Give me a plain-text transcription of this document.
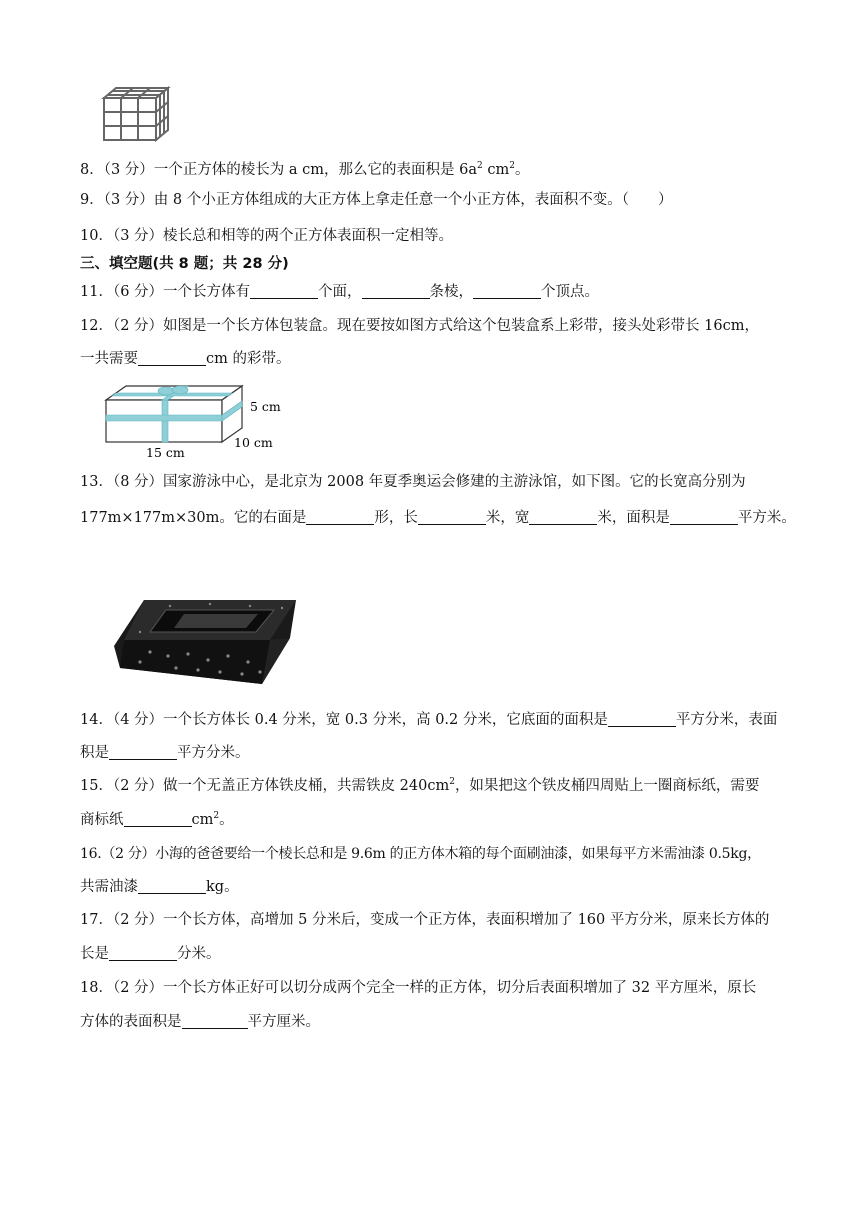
8．（3 分）一个正方体的棱长为 a cm，那么它的表面积是 $6a^2$ $cm^2$。
9．（3 分）由 8 个小正方体组成的大正方体上拿走任意一个小正方体，表面积不变。（　　）
10．（3 分）棱长总和相等的两个正方体表面积一定相等。
三、填空题(共 8 题；共 28 分)
11．（6 分）一个长方体有	个面，	条棱，	个顶点。
12．（2 分）如图是一个长方体包装盒。现在要按如图方式给这个包装盒系上彩带，接头处彩带长 16cm，
一共需要	cm 的彩带。
5 cm
10 cm
15 cm
13．（8 分）国家游泳中心，是北京为 2008 年夏季奥运会修建的主游泳馆，如下图。它的长宽高分别为
177m×177m×30m。它的右面是	形，长	米，宽	米，面积是	平方米。
14．（4 分）一个长方体长 0.4 分米，宽 0.3 分米，高 0.2 分米，它底面的面积是	平方分米，表面
积是	平方分米。
15．（2 分）做一个无盖正方体铁皮桶，共需铁皮 $240cm^2$，如果把这个铁皮桶四周贴上一圈商标纸，需要
商标纸	$cm^2$。
16.（2 分）小海的爸爸要给一个棱长总和是 9.6m 的正方体木箱的每个面刷油漆，如果每平方米需油漆 0.5kg，
共需油漆	kg。
17．（2 分）一个长方体，高增加 5 分米后，变成一个正方体，表面积增加了 160 平方分米，原来长方体的
长是	分米。
18．（2 分）一个长方体正好可以切分成两个完全一样的正方体，切分后表面积增加了 32 平方厘米，原长
方体的表面积是	平方厘米。
